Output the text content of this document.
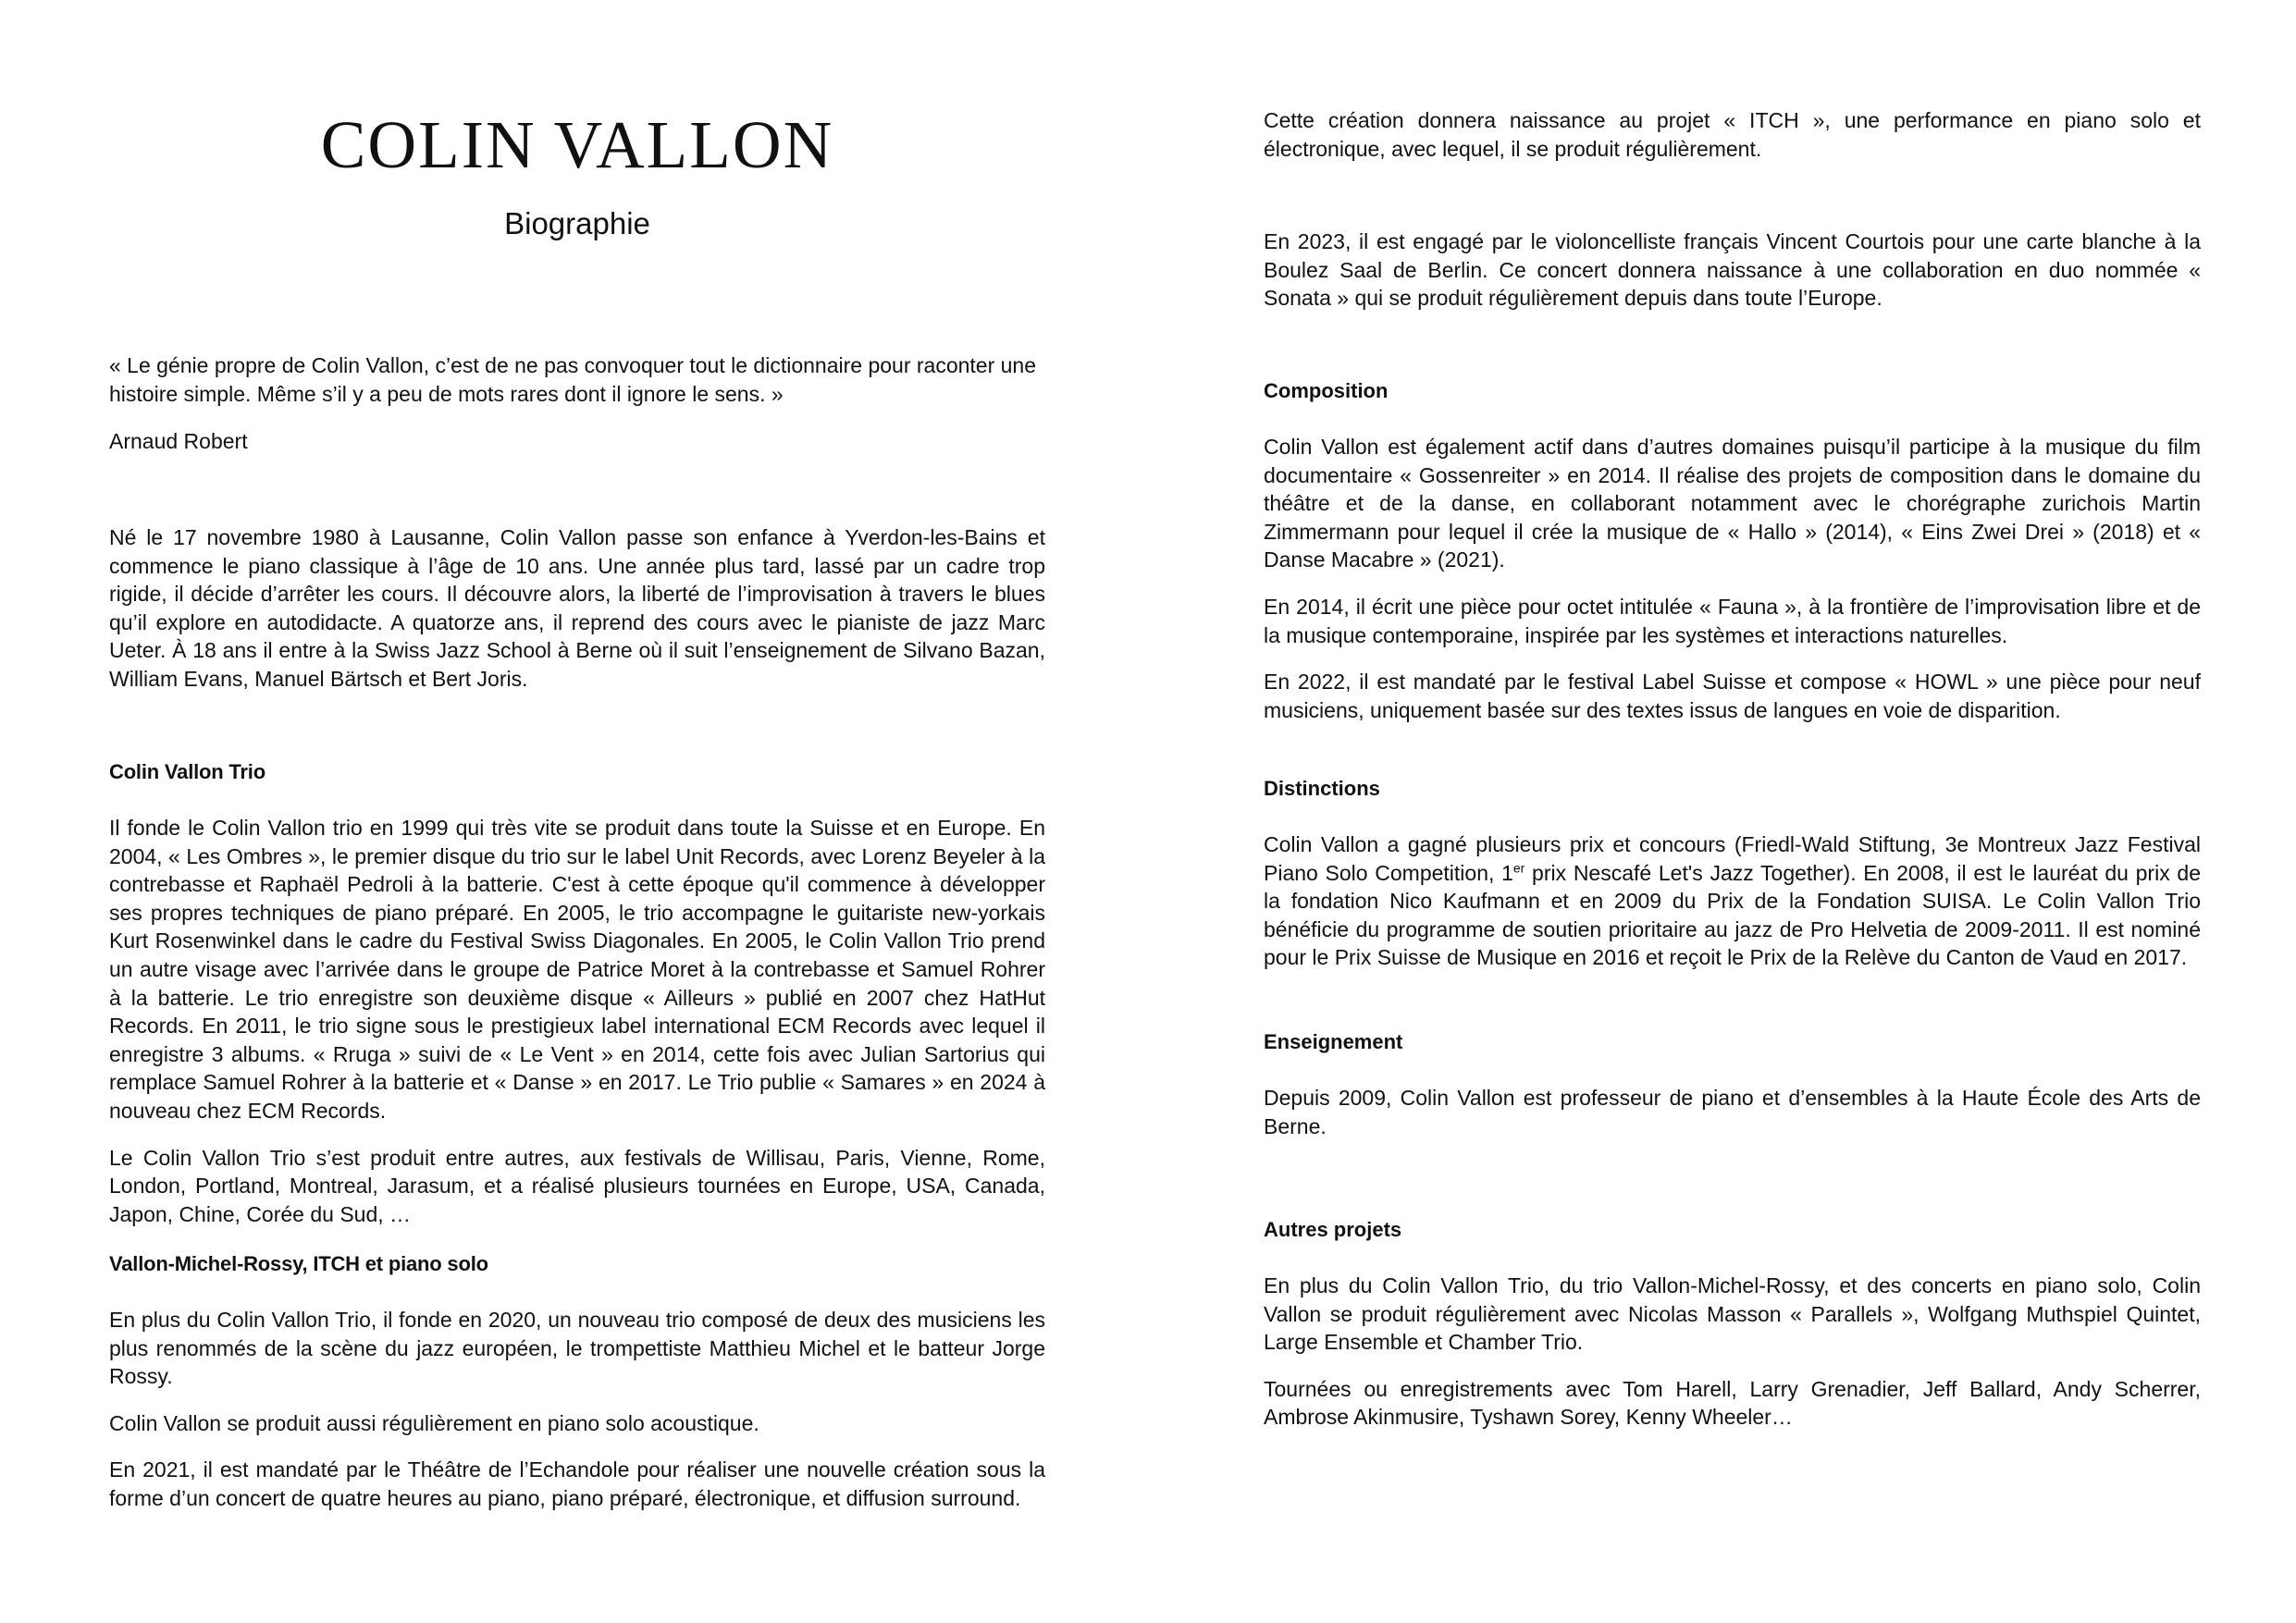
COLIN VALLON
Biographie

« Le génie propre de Colin Vallon, c’est de ne pas convoquer tout le dictionnaire pour raconter une histoire simple. Même s’il y a peu de mots rares dont il ignore le sens. »

Arnaud Robert

Né le 17 novembre 1980 à Lausanne, Colin Vallon passe son enfance à Yverdon-les-Bains et commence le piano classique à l’âge de 10 ans. Une année plus tard, lassé par un cadre trop rigide, il décide d’arrêter les cours. Il découvre alors, la liberté de l’improvisation à travers le blues qu’il explore en autodidacte. A quatorze ans, il reprend des cours avec le pianiste de jazz Marc Ueter. À 18 ans il entre à la Swiss Jazz School à Berne où il suit l’enseignement de Silvano Bazan, William Evans, Manuel Bärtsch et Bert Joris.

Colin Vallon Trio

Il fonde le Colin Vallon trio en 1999 qui très vite se produit dans toute la Suisse et en Europe. En 2004, « Les Ombres », le premier disque du trio sur le label Unit Records, avec Lorenz Beyeler à la contrebasse et Raphaël Pedroli à la batterie. C'est à cette époque qu'il commence à développer ses propres techniques de piano préparé. En 2005, le trio accompagne le guitariste new-yorkais Kurt Rosenwinkel dans le cadre du Festival Swiss Diagonales. En 2005, le Colin Vallon Trio prend un autre visage avec l’arrivée dans le groupe de Patrice Moret à la contrebasse et Samuel Rohrer à la batterie. Le trio enregistre son deuxième disque « Ailleurs » publié en 2007 chez HatHut Records. En 2011, le trio signe sous le prestigieux label international ECM Records avec lequel il enregistre 3 albums. « Rruga » suivi de « Le Vent » en 2014, cette fois avec Julian Sartorius qui remplace Samuel Rohrer à la batterie et « Danse » en 2017. Le Trio publie « Samares » en 2024 à nouveau chez ECM Records.

Le Colin Vallon Trio s’est produit entre autres, aux festivals de Willisau, Paris, Vienne, Rome, London, Portland, Montreal, Jarasum, et a réalisé plusieurs tournées en Europe, USA, Canada, Japon, Chine, Corée du Sud, …

Vallon-Michel-Rossy, ITCH et piano solo

En plus du Colin Vallon Trio, il fonde en 2020, un nouveau trio composé de deux des musiciens les plus renommés de la scène du jazz européen, le trompettiste Matthieu Michel et le batteur Jorge Rossy.

Colin Vallon se produit aussi régulièrement en piano solo acoustique.

En 2021, il est mandaté par le Théâtre de l’Echandole pour réaliser une nouvelle création sous la forme d’un concert de quatre heures au piano, piano préparé, électronique, et diffusion surround.

Cette création donnera naissance au projet « ITCH », une performance en piano solo et électronique, avec lequel, il se produit régulièrement.

En 2023, il est engagé par le violoncelliste français Vincent Courtois pour une carte blanche à la Boulez Saal de Berlin. Ce concert donnera naissance à une collaboration en duo nommée « Sonata » qui se produit régulièrement depuis dans toute l’Europe.

Composition

Colin Vallon est également actif dans d’autres domaines puisqu’il participe à la musique du film documentaire « Gossenreiter » en 2014. Il réalise des projets de composition dans le domaine du théâtre et de la danse, en collaborant notamment avec le chorégraphe zurichois Martin Zimmermann pour lequel il crée la musique de « Hallo » (2014), « Eins Zwei Drei » (2018) et « Danse Macabre » (2021).

En 2014, il écrit une pièce pour octet intitulée « Fauna », à la frontière de l’improvisation libre et de la musique contemporaine, inspirée par les systèmes et interactions naturelles.

En 2022, il est mandaté par le festival Label Suisse et compose « HOWL » une pièce pour neuf musiciens, uniquement basée sur des textes issus de langues en voie de disparition.

Distinctions

Colin Vallon a gagné plusieurs prix et concours (Friedl-Wald Stiftung, 3e Montreux Jazz Festival Piano Solo Competition, 1er prix Nescafé Let's Jazz Together). En 2008, il est le lauréat du prix de la fondation Nico Kaufmann et en 2009 du Prix de la Fondation SUISA. Le Colin Vallon Trio bénéficie du programme de soutien prioritaire au jazz de Pro Helvetia de 2009-2011. Il est nominé pour le Prix Suisse de Musique en 2016 et reçoit le Prix de la Relève du Canton de Vaud en 2017.

Enseignement

Depuis 2009, Colin Vallon est professeur de piano et d’ensembles à la Haute École des Arts de Berne.

Autres projets

En plus du Colin Vallon Trio, du trio Vallon-Michel-Rossy, et des concerts en piano solo, Colin Vallon se produit régulièrement avec Nicolas Masson « Parallels », Wolfgang Muthspiel Quintet, Large Ensemble et Chamber Trio.

Tournées ou enregistrements avec Tom Harell, Larry Grenadier, Jeff Ballard, Andy Scherrer, Ambrose Akinmusire, Tyshawn Sorey, Kenny Wheeler…
